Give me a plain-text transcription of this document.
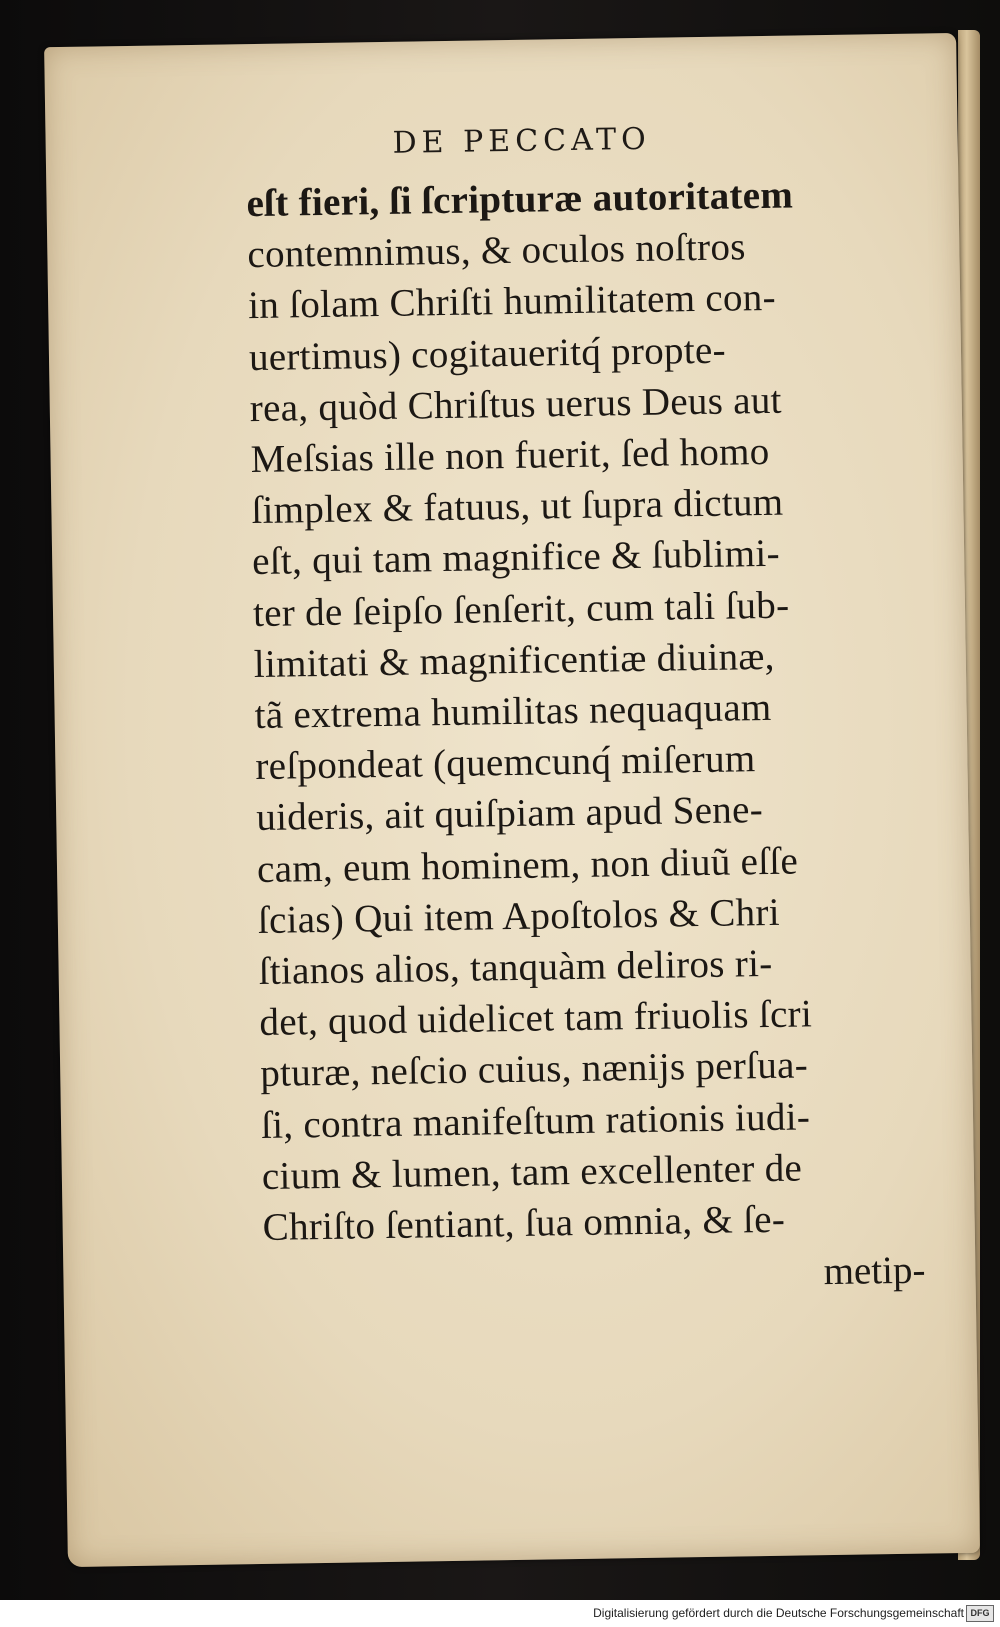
DE PECCATO
eſt fieri, ſi ſcripturæ autoritatem
contemnimus, & oculos noſtros
in ſolam Chriſti humilitatem con-
uertimus) cogitaueritq́ propte-
rea, quòd Chriſtus uerus Deus aut
Meſsias ille non fuerit, ſed homo
ſimplex & fatuus, ut ſupra dictum
eſt, qui tam magnifice & ſublimi-
ter de ſeipſo ſenſerit, cum tali ſub-
limitati & magnificentiæ diuinæ,
tã extrema humilitas nequaquam
reſpondeat (quemcunq́ miſerum
uideris, ait quiſpiam apud Sene-
cam, eum hominem, non diuũ eſſe
ſcias) Qui item Apoſtolos & Chri
ſtianos alios, tanquàm deliros ri-
det, quod uidelicet tam friuolis ſcri
pturæ, neſcio cuius, næniјs perſua-
ſi, contra manifeſtum rationis iudi-
cium & lumen, tam excellenter de
Chriſto ſentiant, ſua omnia, & ſe-
metip-
Digitalisierung gefördert durch die Deutsche Forschungsgemeinschaft DFG
